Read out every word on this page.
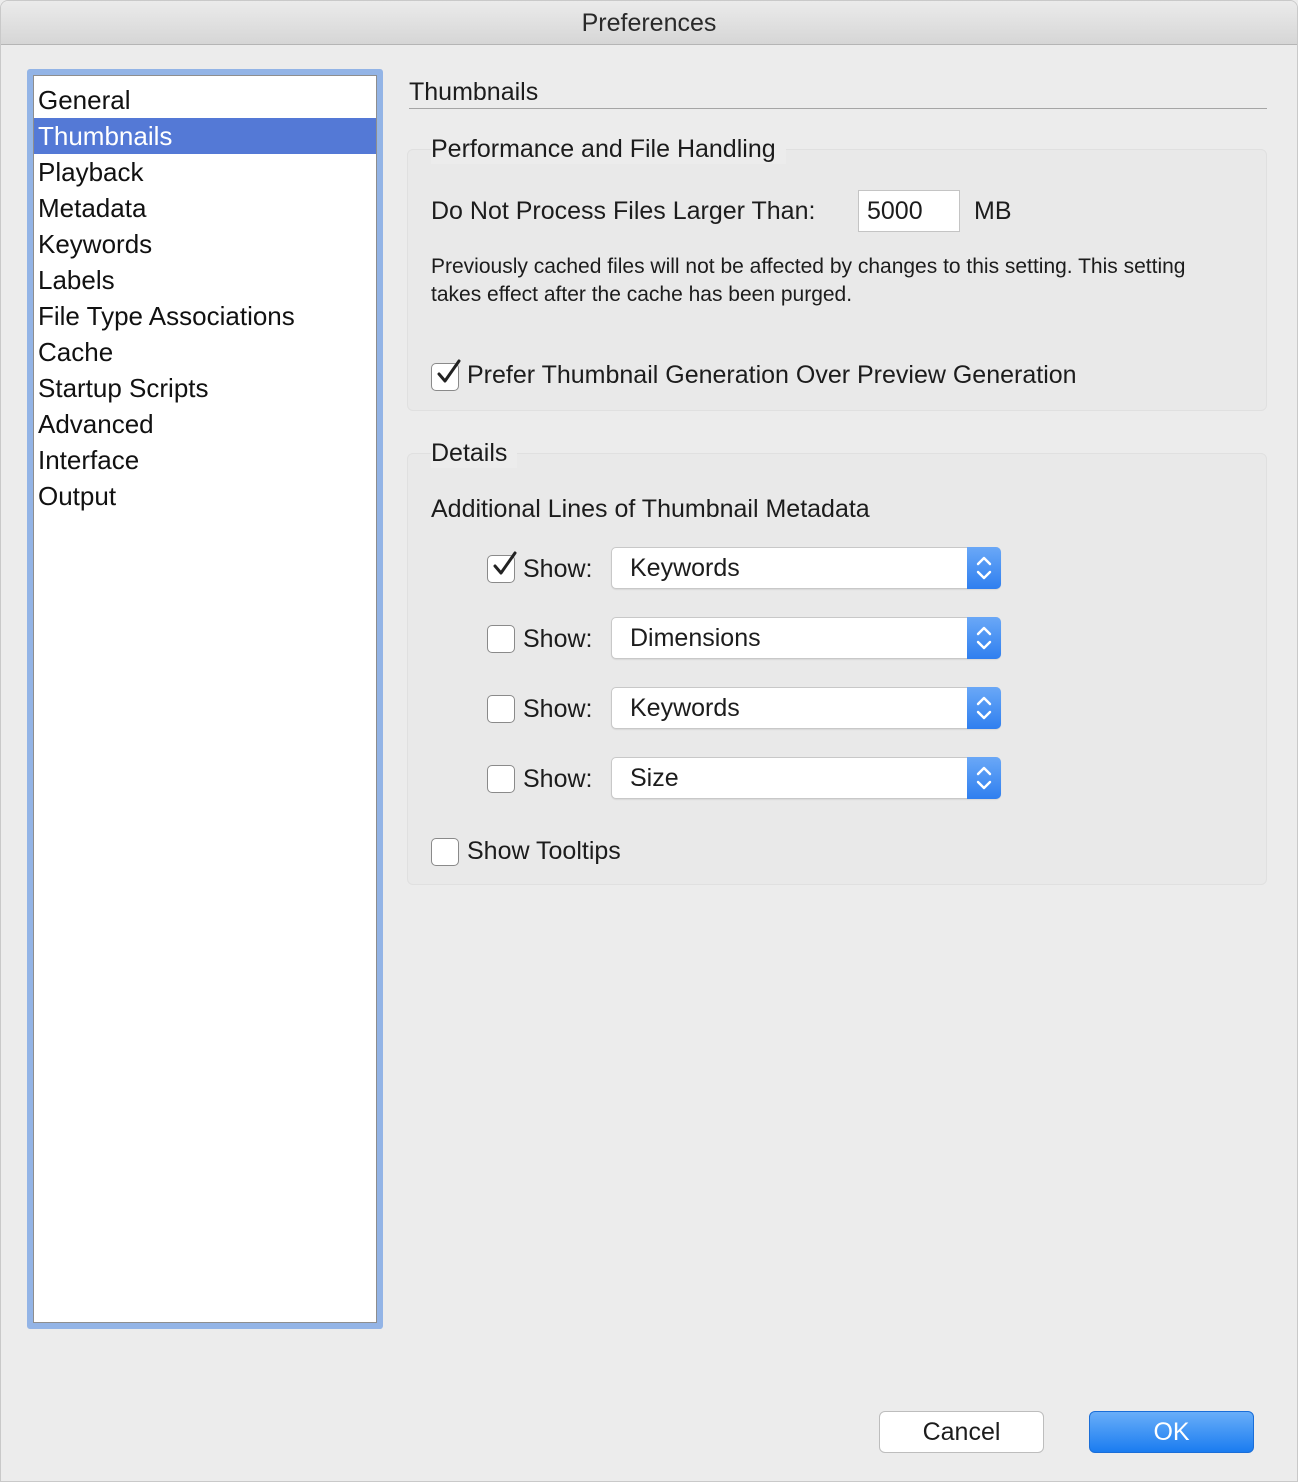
Preferences
General
Thumbnails
Playback
Metadata
Keywords
Labels
File Type Associations
Cache
Startup Scripts
Advanced
Interface
Output
Thumbnails
Performance and File Handling
Do Not Process Files Larger Than:	5000	MB
Previously cached files will not be affected by changes to this setting. This setting takes effect after the cache has been purged.
Prefer Thumbnail Generation Over Preview Generation
Details
Additional Lines of Thumbnail Metadata
Show: Keywords
Show: Dimensions
Show: Keywords
Show: Size
Show Tooltips
Cancel	OK
